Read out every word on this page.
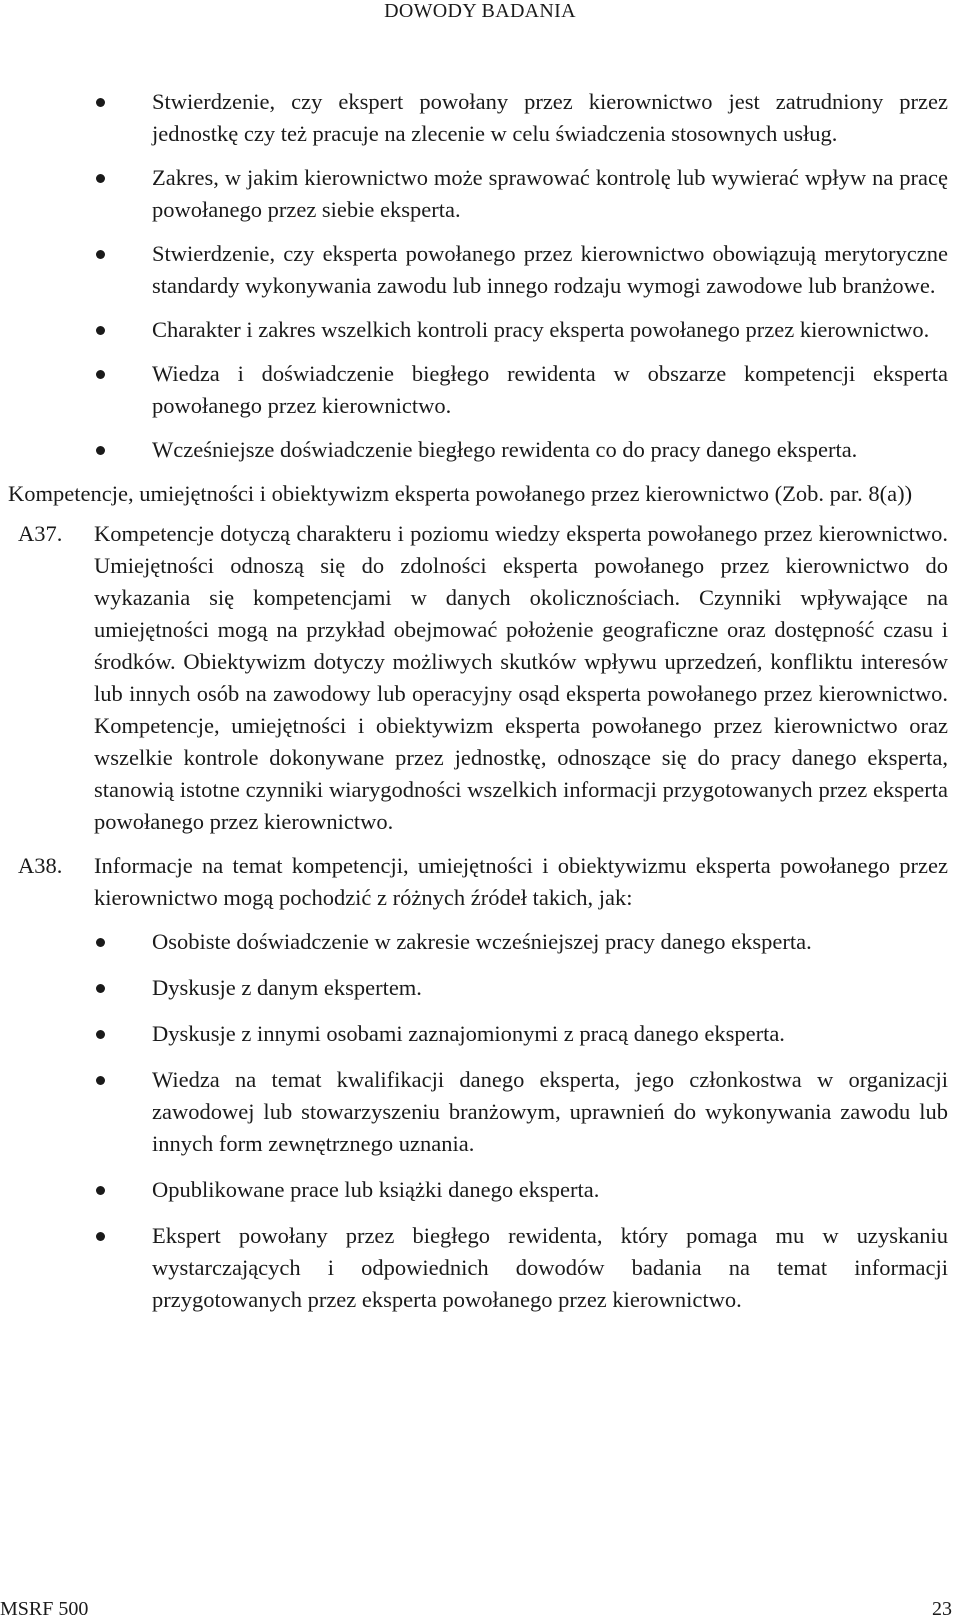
DOWODY BADANIA
Stwierdzenie, czy ekspert powołany przez kierownictwo jest zatrudniony przez jednostkę czy też pracuje na zlecenie w celu świadczenia stosownych usług.
Zakres, w jakim kierownictwo może sprawować kontrolę lub wywierać wpływ na pracę powołanego przez siebie eksperta.
Stwierdzenie, czy eksperta powołanego przez kierownictwo obowiązują merytoryczne standardy wykonywania zawodu lub innego rodzaju wymogi zawodowe lub branżowe.
Charakter i zakres wszelkich kontroli pracy eksperta powołanego przez kierownictwo.
Wiedza i doświadczenie biegłego rewidenta w obszarze kompetencji eksperta powołanego przez kierownictwo.
Wcześniejsze doświadczenie biegłego rewidenta co do pracy danego eksperta.
Kompetencje, umiejętności i obiektywizm eksperta powołanego przez kierownictwo (Zob. par. 8(a))
A37. Kompetencje dotyczą charakteru i poziomu wiedzy eksperta powołanego przez kierownictwo. Umiejętności odnoszą się do zdolności eksperta powołanego przez kierownictwo do wykazania się kompetencjami w danych okolicznościach. Czynniki wpływające na umiejętności mogą na przykład obejmować położenie geograficzne oraz dostępność czasu i środków. Obiektywizm dotyczy możliwych skutków wpływu uprzedzeń, konfliktu interesów lub innych osób na zawodowy lub operacyjny osąd eksperta powołanego przez kierownictwo. Kompetencje, umiejętności i obiektywizm eksperta powołanego przez kierownictwo oraz wszelkie kontrole dokonywane przez jednostkę, odnoszące się do pracy danego eksperta, stanowią istotne czynniki wiarygodności wszelkich informacji przygotowanych przez eksperta powołanego przez kierownictwo.
A38. Informacje na temat kompetencji, umiejętności i obiektywizmu eksperta powołanego przez kierownictwo mogą pochodzić z różnych źródeł takich, jak:
Osobiste doświadczenie w zakresie wcześniejszej pracy danego eksperta.
Dyskusje z danym ekspertem.
Dyskusje z innymi osobami zaznajomionymi z pracą danego eksperta.
Wiedza na temat kwalifikacji danego eksperta, jego członkostwa w organizacji zawodowej lub stowarzyszeniu branżowym, uprawnień do wykonywania zawodu lub innych form zewnętrznego uznania.
Opublikowane prace lub książki danego eksperta.
Ekspert powołany przez biegłego rewidenta, który pomaga mu w uzyskaniu wystarczających i odpowiednich dowodów badania na temat informacji przygotowanych przez eksperta powołanego przez kierownictwo.
MSRF 500	23
